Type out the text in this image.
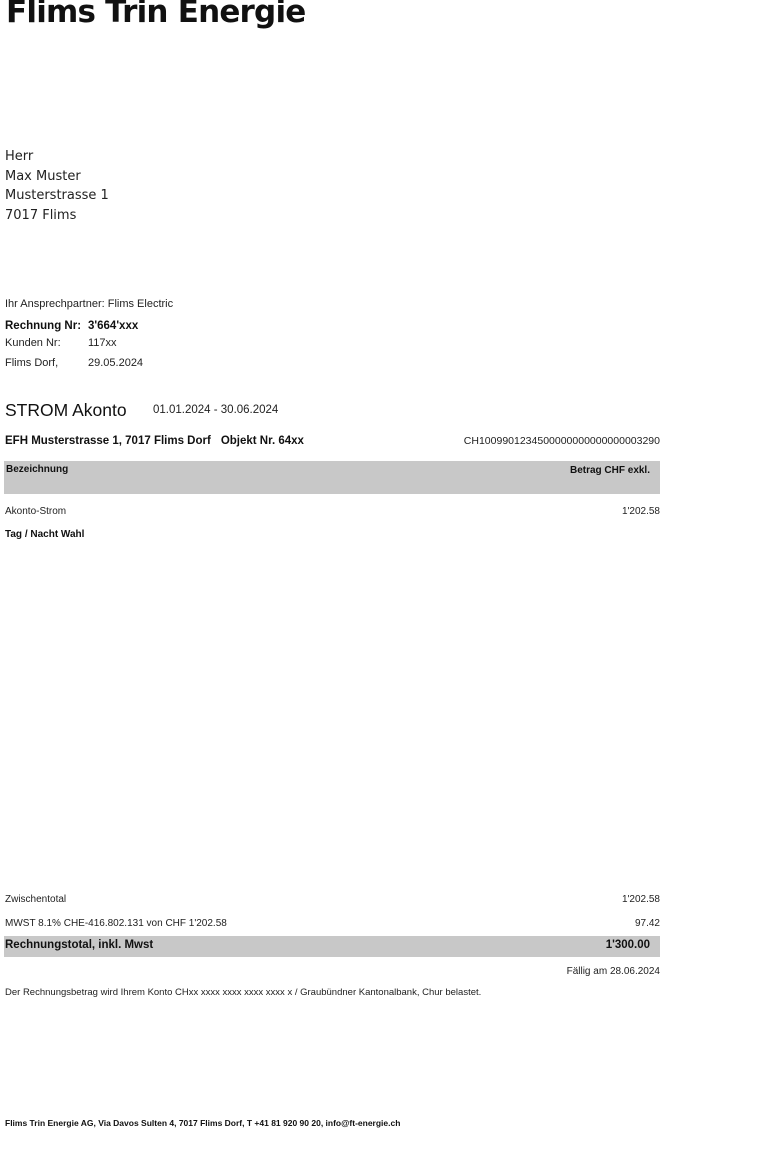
Flims Trin Energie
Herr
Max Muster
Musterstrasse 1
7017 Flims
Ihr Ansprechpartner: Flims Electric
Rechnung Nr: 3'664'xxx
Kunden Nr: 117xx
Flims Dorf,	29.05.2024
STROM Akonto 01.01.2024 - 30.06.2024
EFH Musterstrasse 1, 7017 Flims Dorf Objekt Nr. 64xx	CH1009901234500000000000000003290
Bezeichnung	Betrag CHF exkl.
Akonto-Strom	1'202.58
Tag / Nacht Wahl
Zwischentotal	1'202.58
MWST 8.1% CHE-416.802.131 von CHF 1'202.58	97.42
Rechnungstotal, inkl. Mwst	1'300.00
Fällig am 28.06.2024
Der Rechnungsbetrag wird Ihrem Konto CHxx xxxx xxxx xxxx xxxx x / Graubündner Kantonalbank, Chur belastet.
Flims Trin Energie AG, Via Davos Sulten 4, 7017 Flims Dorf, T +41 81 920 90 20, info@ft-energie.ch
